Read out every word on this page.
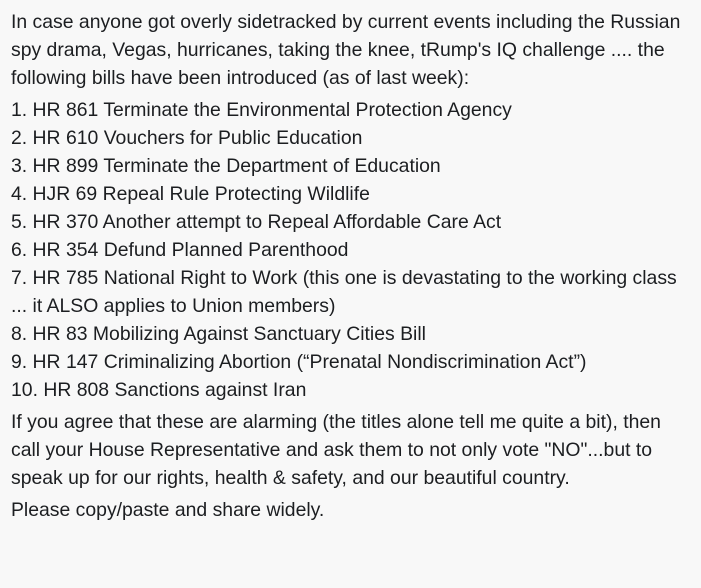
In case anyone got overly sidetracked by current events including the Russian spy drama, Vegas, hurricanes, taking the knee, tRump's IQ challenge .... the following bills have been introduced (as of last week):

1. HR 861 Terminate the Environmental Protection Agency
2. HR 610 Vouchers for Public Education
3. HR 899 Terminate the Department of Education
4. HJR 69 Repeal Rule Protecting Wildlife
5. HR 370 Another attempt to Repeal Affordable Care Act
6. HR 354 Defund Planned Parenthood
7. HR 785 National Right to Work (this one is devastating to the working class ... it ALSO applies to Union members)
8. HR 83 Mobilizing Against Sanctuary Cities Bill
9. HR 147 Criminalizing Abortion (“Prenatal Nondiscrimination Act”)
10. HR 808 Sanctions against Iran

If you agree that these are alarming (the titles alone tell me quite a bit), then call your House Representative and ask them to not only vote "NO"...but to speak up for our rights, health & safety, and our beautiful country.

Please copy/paste and share widely.
